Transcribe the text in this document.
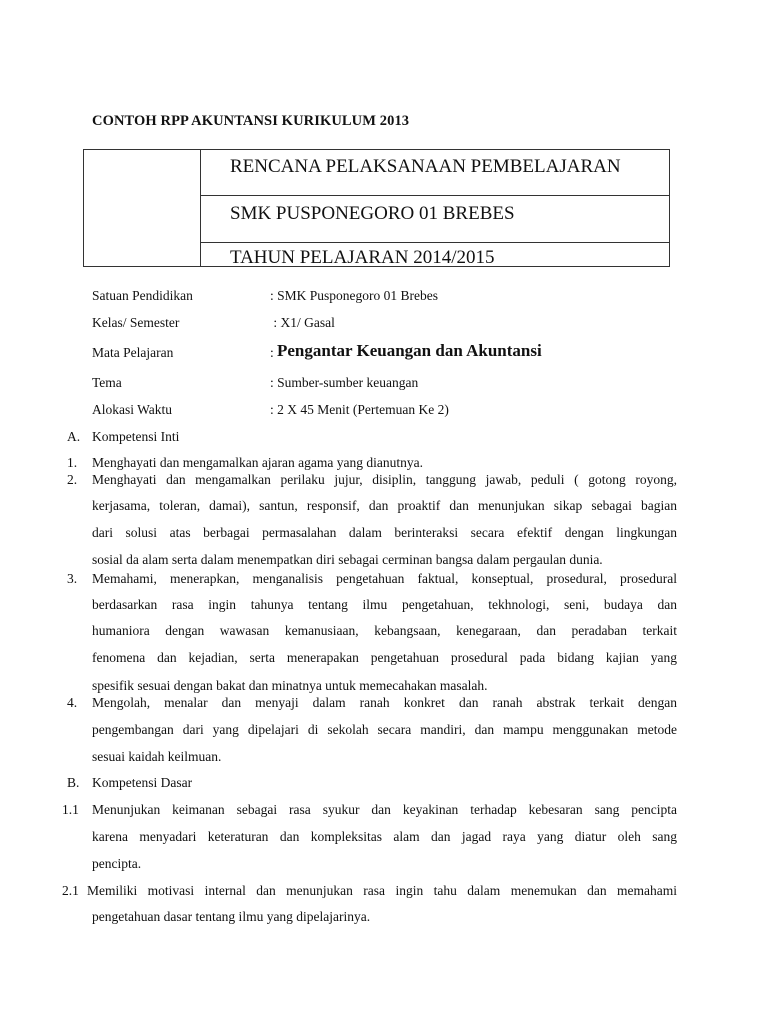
CONTOH RPP AKUNTANSI KURIKULUM 2013
RENCANA PELAKSANAAN PEMBELAJARAN
SMK PUSPONEGORO 01 BREBES
TAHUN PELAJARAN 2014/2015
Satuan Pendidikan	: SMK Pusponegoro 01 Brebes
Kelas/ Semester	: X1/ Gasal
Mata Pelajaran	: Pengantar Keuangan dan Akuntansi
Tema	: Sumber-sumber keuangan
Alokasi Waktu	: 2 X 45 Menit (Pertemuan Ke 2)
A. Kompetensi Inti
1. Menghayati dan mengamalkan ajaran agama yang dianutnya.
2. Menghayati dan mengamalkan perilaku jujur, disiplin, tanggung jawab, peduli ( gotong royong,
kerjasama, toleran, damai), santun, responsif, dan proaktif dan menunjukan sikap sebagai bagian
dari solusi atas berbagai permasalahan dalam berinteraksi secara efektif dengan lingkungan
sosial da alam serta dalam menempatkan diri sebagai cerminan bangsa dalam pergaulan dunia.
3. Memahami, menerapkan, menganalisis pengetahuan faktual, konseptual, prosedural, prosedural
berdasarkan rasa ingin tahunya tentang ilmu pengetahuan, tekhnologi, seni, budaya dan
humaniora dengan wawasan kemanusiaan, kebangsaan, kenegaraan, dan peradaban terkait
fenomena dan kejadian, serta menerapakan pengetahuan prosedural pada bidang kajian yang
spesifik sesuai dengan bakat dan minatnya untuk memecahakan masalah.
4. Mengolah, menalar dan menyaji dalam ranah konkret dan ranah abstrak terkait dengan
pengembangan dari yang dipelajari di sekolah secara mandiri, dan mampu menggunakan metode
sesuai kaidah keilmuan.
B. Kompetensi Dasar
1.1 Menunjukan keimanan sebagai rasa syukur dan keyakinan terhadap kebesaran sang pencipta
karena menyadari keteraturan dan kompleksitas alam dan jagad raya yang diatur oleh sang
pencipta.
2.1 Memiliki motivasi internal dan menunjukan rasa ingin tahu dalam menemukan dan memahami
pengetahuan dasar tentang ilmu yang dipelajarinya.
